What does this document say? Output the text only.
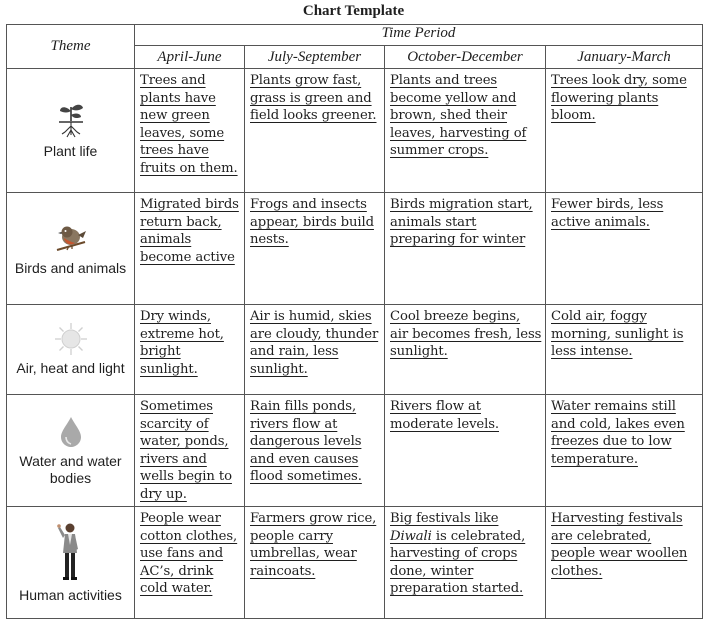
Chart Template
Theme	Time Period			
	April-June	July-September	October-December	January-March

Plant life	Trees and plants have new green leaves, some trees have fruits on them.	Plants grow fast, grass is green and field looks greener.	Plants and trees become yellow and brown, shed their leaves, harvesting of summer crops.	Trees look dry, some flowering plants bloom.

Birds and animals	Migrated birds return back, animals become active	Frogs and insects appear, birds build nests.	Birds migration start, animals start preparing for winter	Fewer birds, less active animals.

Air, heat and light	Dry winds, extreme hot, bright sunlight.	Air is humid, skies are cloudy, thunder and rain, less sunlight.	Cool breeze begins, air becomes fresh, less sunlight.	Cold air, foggy morning, sunlight is less intense.

Water and water bodies	Sometimes scarcity of water, ponds, rivers and wells begin to dry up.	Rain fills ponds, rivers flow at dangerous levels and even causes flood sometimes.	Rivers flow at moderate levels.	Water remains still and cold, lakes even freezes due to low temperature.

Human activities	People wear cotton clothes, use fans and AC’s, drink cold water.	Farmers grow rice, people carry umbrellas, wear raincoats.	Big festivals like Diwali is celebrated, harvesting of crops done, winter preparation started.	Harvesting festivals are celebrated, people wear woollen clothes.
